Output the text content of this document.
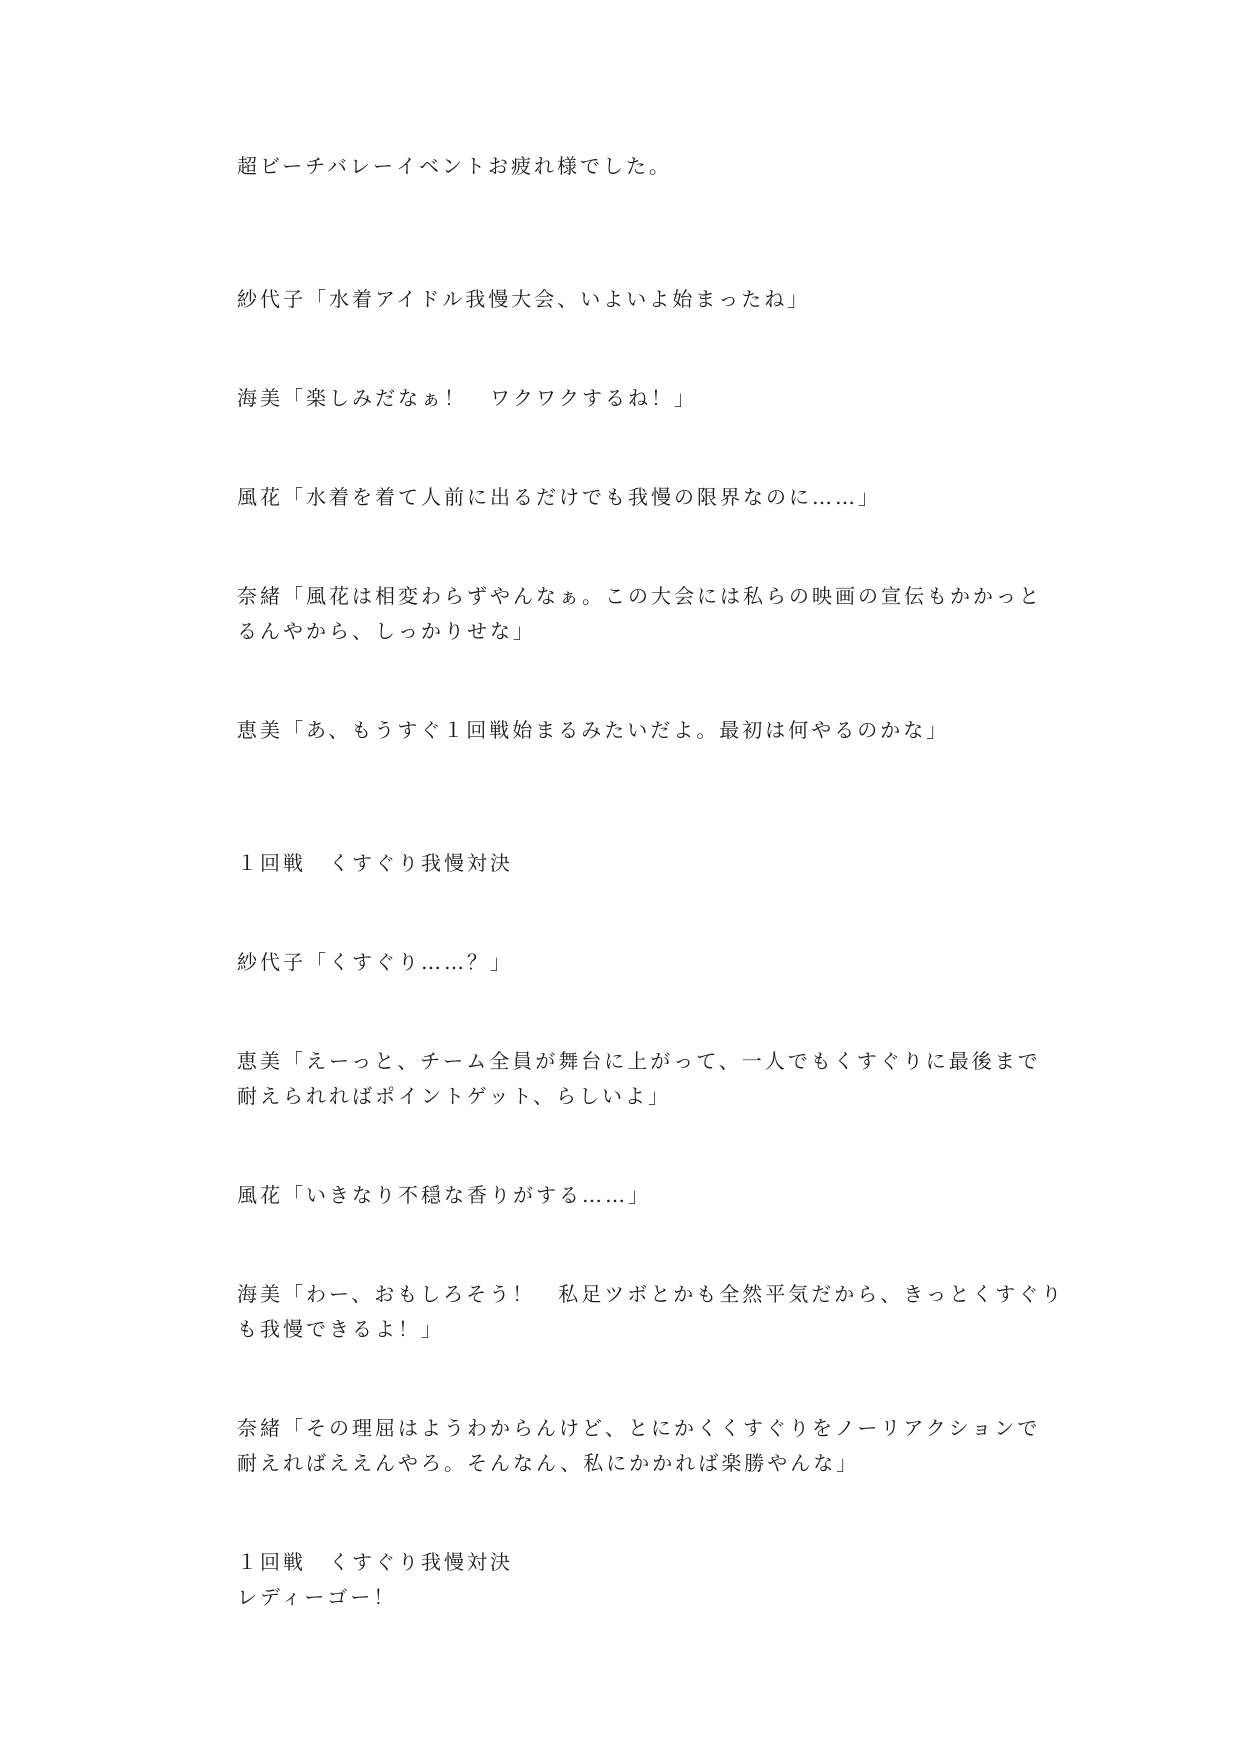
超ビーチバレーイベントお疲れ様でした。
紗代子「水着アイドル我慢大会、いよいよ始まったね」
海美「楽しみだなぁ！　ワクワクするね！」
風花「水着を着て人前に出るだけでも我慢の限界なのに……」
奈緒「風花は相変わらずやんなぁ。この大会には私らの映画の宣伝もかかっと
るんやから、しっかりせな」
恵美「あ、もうすぐ１回戦始まるみたいだよ。最初は何やるのかな」
１回戦　くすぐり我慢対決
紗代子「くすぐり……？」
恵美「えーっと、チーム全員が舞台に上がって、一人でもくすぐりに最後まで
耐えられればポイントゲット、らしいよ」
風花「いきなり不穏な香りがする……」
海美「わー、おもしろそう！　私足ツボとかも全然平気だから、きっとくすぐり
も我慢できるよ！」
奈緒「その理屈はようわからんけど、とにかくくすぐりをノーリアクションで
耐えればええんやろ。そんなん、私にかかれば楽勝やんな」
１回戦　くすぐり我慢対決
レディーゴー！
